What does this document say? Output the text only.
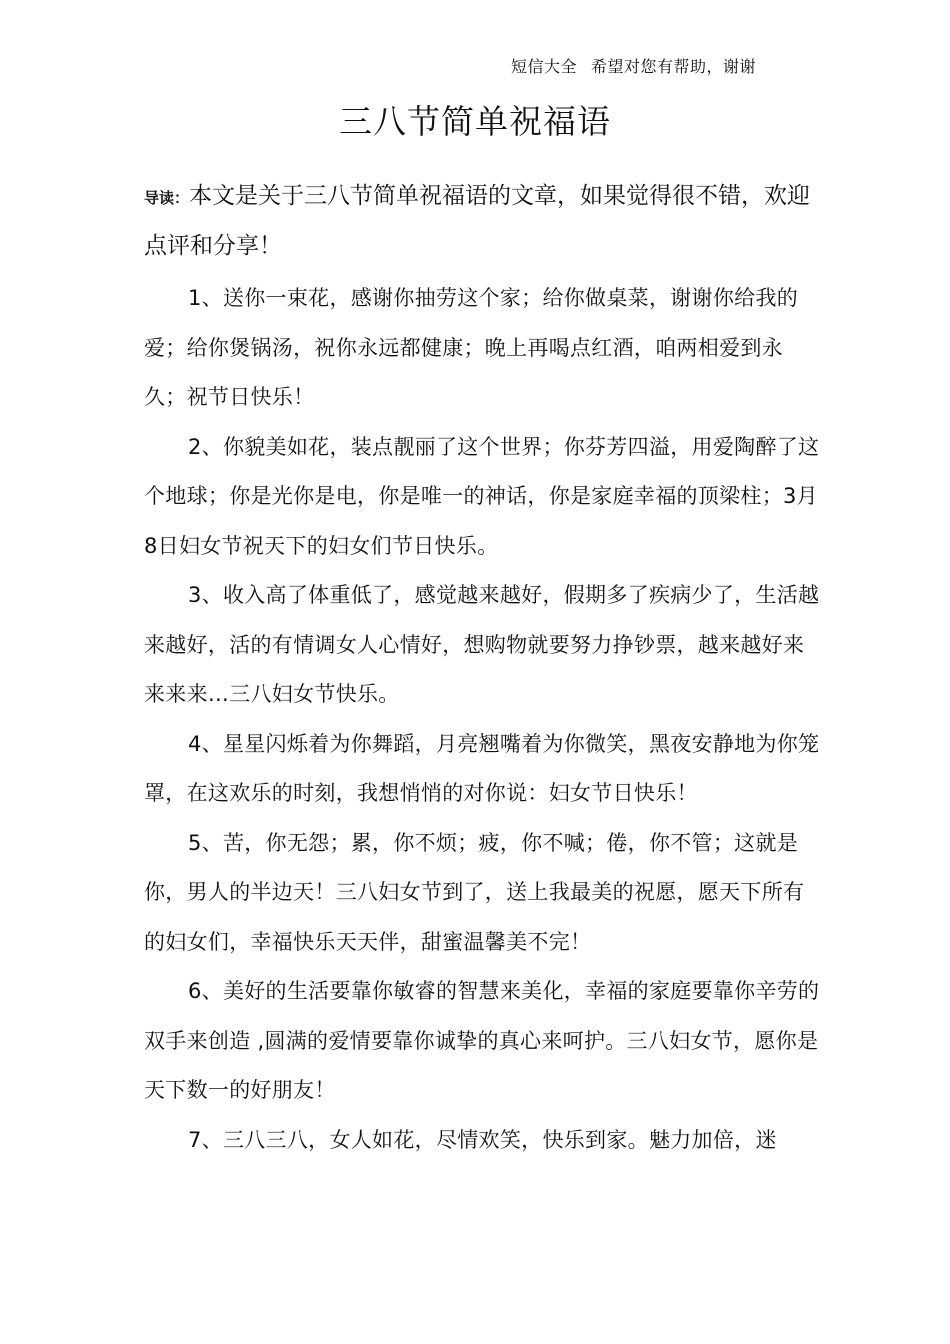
短信大全 希望对您有帮助，谢谢
三八节简单祝福语

导读：本文是关于三八节简单祝福语的文章，如果觉得很不错，欢迎点评和分享！

1、送你一束花，感谢你抽劳这个家；给你做桌菜，谢谢你给我的爱；给你煲锅汤，祝你永远都健康；晚上再喝点红酒，咱两相爱到永久；祝节日快乐！

2、你貌美如花，装点靓丽了这个世界；你芬芳四溢，用爱陶醉了这个地球；你是光你是电，你是唯一的神话，你是家庭幸福的顶梁柱；3月8日妇女节祝天下的妇女们节日快乐。

3、收入高了体重低了，感觉越来越好，假期多了疾病少了，生活越来越好，活的有情调女人心情好，想购物就要努力挣钞票，越来越好来来来来…三八妇女节快乐。

4、星星闪烁着为你舞蹈，月亮翘嘴着为你微笑，黑夜安静地为你笼罩，在这欢乐的时刻，我想悄悄的对你说：妇女节日快乐！

5、苦，你无怨；累，你不烦；疲，你不喊；倦，你不管；这就是你，男人的半边天！三八妇女节到了，送上我最美的祝愿，愿天下所有的妇女们，幸福快乐天天伴，甜蜜温馨美不完！

6、美好的生活要靠你敏睿的智慧来美化，幸福的家庭要靠你辛劳的双手来创造 ,圆满的爱情要靠你诚挚的真心来呵护。三八妇女节，愿你是天下数一的好朋友！

7、三八三八，女人如花，尽情欢笑，快乐到家。魅力加倍，迷
